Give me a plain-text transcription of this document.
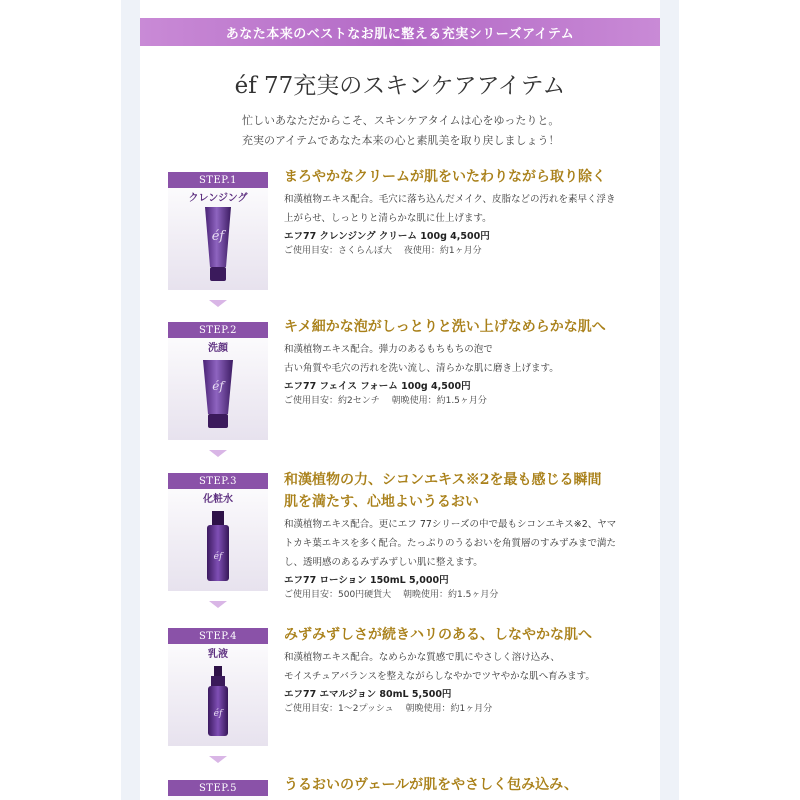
あなた本来のベストなお肌に整える充実シリーズアイテム
éf 77充実のスキンケアアイテム
忙しいあなただからこそ、スキンケアタイムは心をゆったりと。
充実のアイテムであなた本来の心と素肌美を取り戻しましょう！
STEP.1
クレンジング
éf
まろやかなクリームが肌をいたわりながら取り除く
和漢植物エキス配合。毛穴に落ち込んだメイク、皮脂などの汚れを素早く浮き
上がらせ、しっとりと清らかな肌に仕上げます。
エフ77 クレンジング クリーム 100g 4,500円
ご使用目安：さくらんぼ大　 夜使用：約1ヶ月分
STEP.2
洗顔
éf
キメ細かな泡がしっとりと洗い上げなめらかな肌へ
和漢植物エキス配合。弾力のあるもちもちの泡で
古い角質や毛穴の汚れを洗い流し、清らかな肌に磨き上げます。
エフ77 フェイス フォーム 100g 4,500円
ご使用目安：約2センチ　 朝晩使用：約1.5ヶ月分
STEP.3
化粧水
éf
和漢植物の力、シコンエキス※2を最も感じる瞬間
肌を満たす、心地よいうるおい
和漢植物エキス配合。更にエフ 77シリーズの中で最もシコンエキス※2、ヤマ
トカキ葉エキスを多く配合。たっぷりのうるおいを角質層のすみずみまで満た
し、透明感のあるみずみずしい肌に整えます。
エフ77 ローション 150mL 5,000円
ご使用目安：500円硬貨大　 朝晩使用：約1.5ヶ月分
STEP.4
乳液
éf
みずみずしさが続きハリのある、しなやかな肌へ
和漢植物エキス配合。なめらかな質感で肌にやさしく溶け込み、
モイスチュアバランスを整えながらしなやかでツヤやかな肌へ育みます。
エフ77 エマルジョン 80mL 5,500円
ご使用目安：1〜2プッシュ　 朝晩使用：約1ヶ月分
STEP.5	うるおいのヴェールが肌をやさしく包み込み、
